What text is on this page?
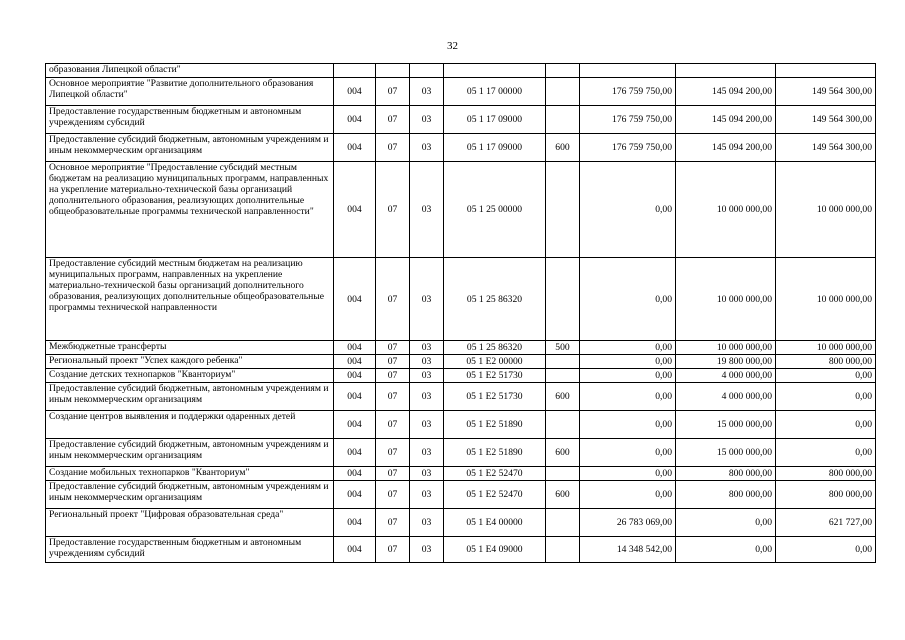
32
образования Липецкой области"								
Основное мероприятие "Развитие дополнительного образования Липецкой области"	004	07	03	05 1 17 00000		176 759 750,00	145 094 200,00	149 564 300,00
Предоставление государственным бюджетным и автономным учреждениям субсидий	004	07	03	05 1 17 09000		176 759 750,00	145 094 200,00	149 564 300,00
Предоставление субсидий бюджетным, автономным учреждениям и иным некоммерческим организациям	004	07	03	05 1 17 09000	600	176 759 750,00	145 094 200,00	149 564 300,00
Основное мероприятие "Предоставление субсидий местным бюджетам на реализацию муниципальных программ, направленных на укрепление материально-технической базы организаций дополнительного образования, реализующих дополнительные общеобразовательные программы технической направленности"	004	07	03	05 1 25 00000		0,00	10 000 000,00	10 000 000,00
Предоставление субсидий местным бюджетам на реализацию муниципальных программ, направленных на укрепление материально-технической базы организаций дополнительного образования, реализующих дополнительные общеобразовательные программы технической направленности	004	07	03	05 1 25 86320		0,00	10 000 000,00	10 000 000,00
Межбюджетные трансферты	004	07	03	05 1 25 86320	500	0,00	10 000 000,00	10 000 000,00
Региональный проект "Успех каждого ребенка"	004	07	03	05 1 E2 00000		0,00	19 800 000,00	800 000,00
Создание детских технопарков "Кванториум"	004	07	03	05 1 E2 51730		0,00	4 000 000,00	0,00
Предоставление субсидий бюджетным, автономным учреждениям и иным некоммерческим организациям	004	07	03	05 1 E2 51730	600	0,00	4 000 000,00	0,00
Создание центров выявления и поддержки одаренных детей	004	07	03	05 1 E2 51890		0,00	15 000 000,00	0,00
Предоставление субсидий бюджетным, автономным учреждениям и иным некоммерческим организациям	004	07	03	05 1 E2 51890	600	0,00	15 000 000,00	0,00
Создание мобильных технопарков "Кванториум"	004	07	03	05 1 E2 52470		0,00	800 000,00	800 000,00
Предоставление субсидий бюджетным, автономным учреждениям и иным некоммерческим организациям	004	07	03	05 1 E2 52470	600	0,00	800 000,00	800 000,00
Региональный проект "Цифровая образовательная среда"	004	07	03	05 1 E4 00000		26 783 069,00	0,00	621 727,00
Предоставление государственным бюджетным и автономным учреждениям субсидий	004	07	03	05 1 E4 09000		14 348 542,00	0,00	0,00
